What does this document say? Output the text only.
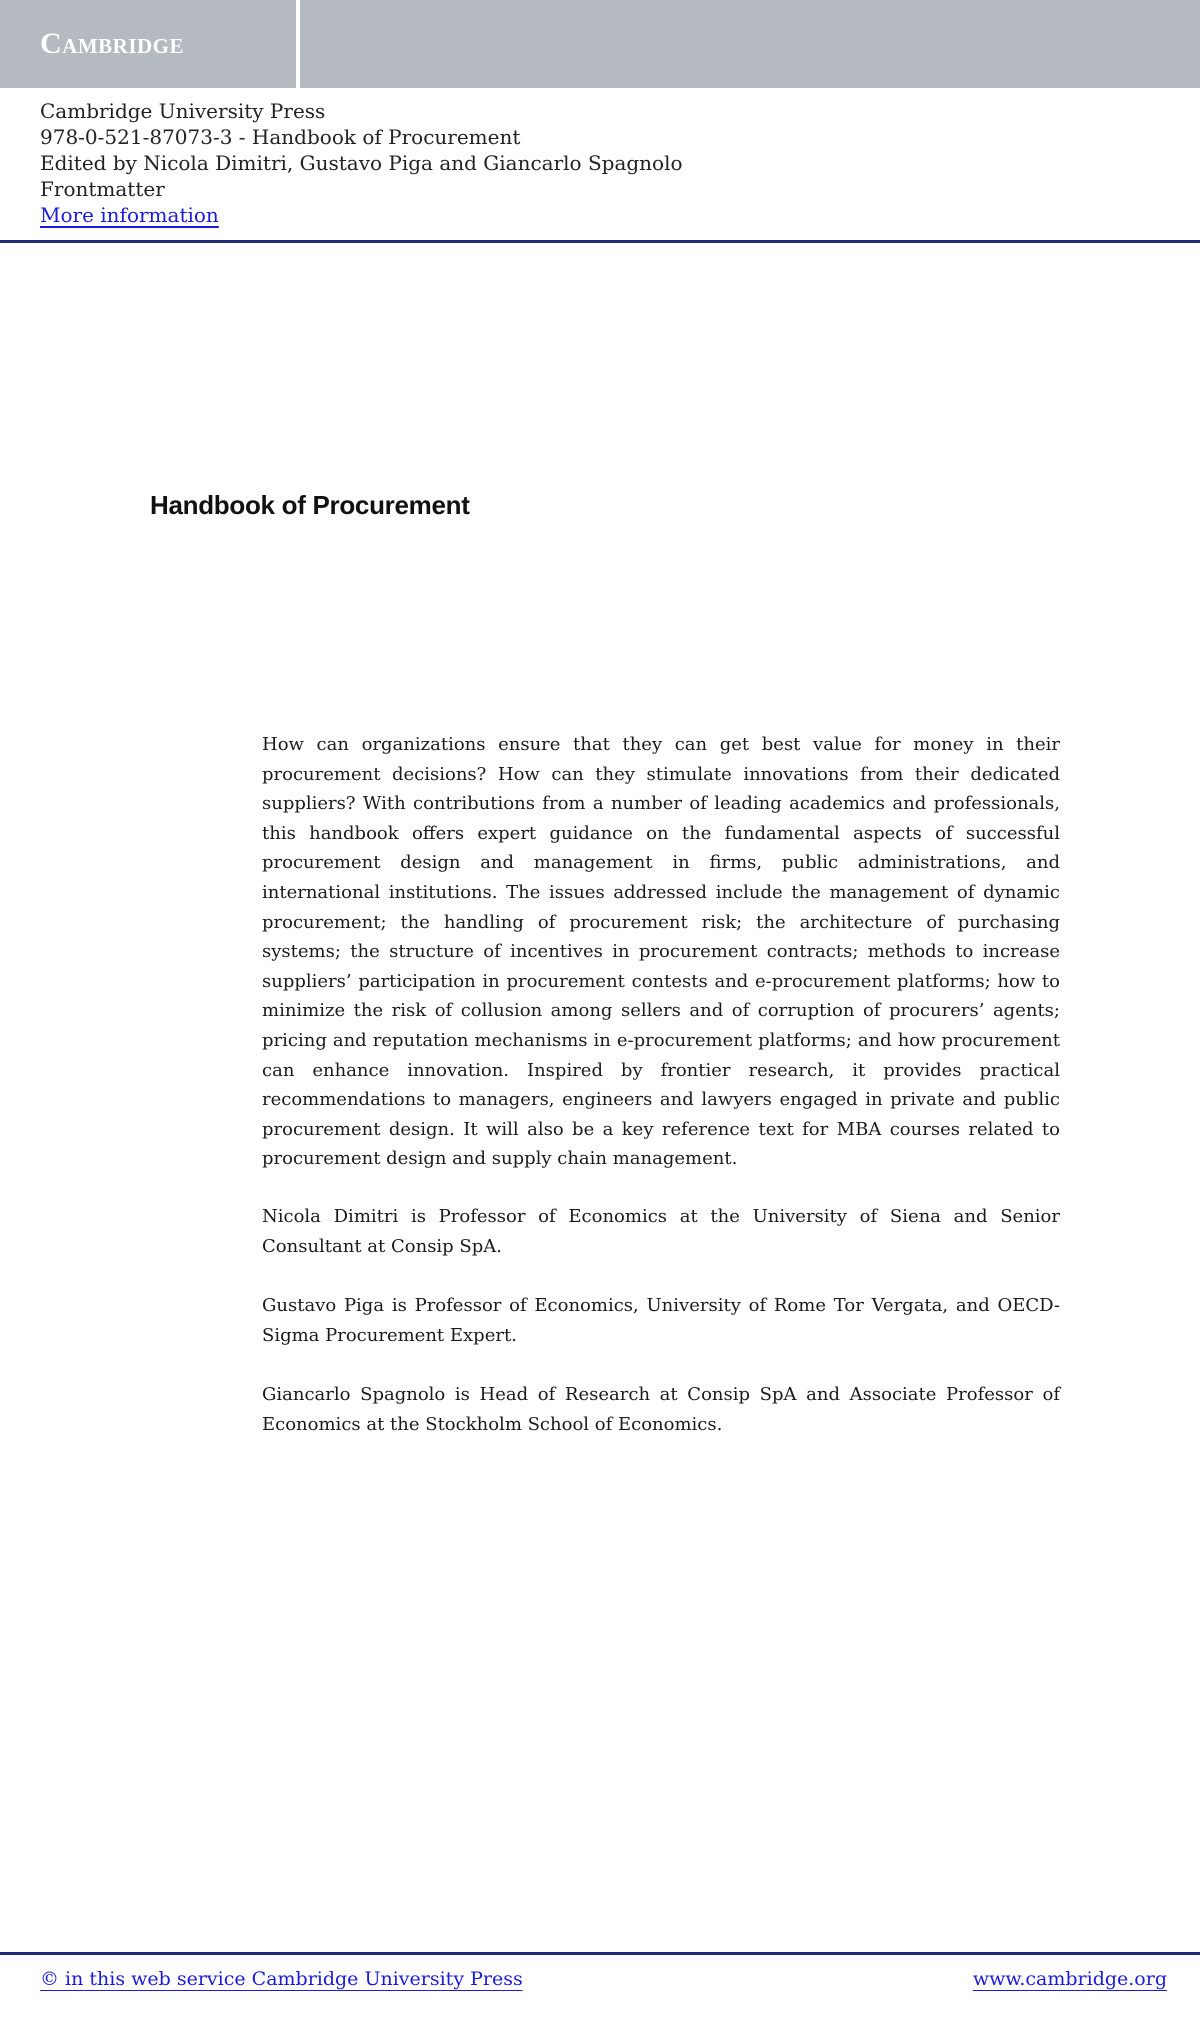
Cambridge
Cambridge University Press
978-0-521-87073-3 - Handbook of Procurement
Edited by Nicola Dimitri, Gustavo Piga and Giancarlo Spagnolo
Frontmatter
More information
Handbook of Procurement

How can organizations ensure that they can get best value for money in their procurement decisions? How can they stimulate innovations from their dedicated suppliers? With contributions from a number of leading academics and professionals, this handbook offers expert guidance on the fundamental aspects of successful procurement design and management in firms, public administrations, and international institutions. The issues addressed include the management of dynamic procurement; the handling of procurement risk; the architecture of purchasing systems; the structure of incentives in procurement contracts; methods to increase suppliers’ participation in procurement contests and e-procurement platforms; how to minimize the risk of collusion among sellers and of corruption of procurers’ agents; pricing and reputation mechanisms in e-procurement platforms; and how procurement can enhance innovation. Inspired by frontier research, it provides practical recommendations to managers, engineers and lawyers engaged in private and public procurement design. It will also be a key reference text for MBA courses related to procurement design and supply chain management.

Nicola Dimitri is Professor of Economics at the University of Siena and Senior Consultant at Consip SpA.

Gustavo Piga is Professor of Economics, University of Rome Tor Vergata, and OECD-Sigma Procurement Expert.

Giancarlo Spagnolo is Head of Research at Consip SpA and Associate Professor of Economics at the Stockholm School of Economics.

© in this web service Cambridge University Press	www.cambridge.org
